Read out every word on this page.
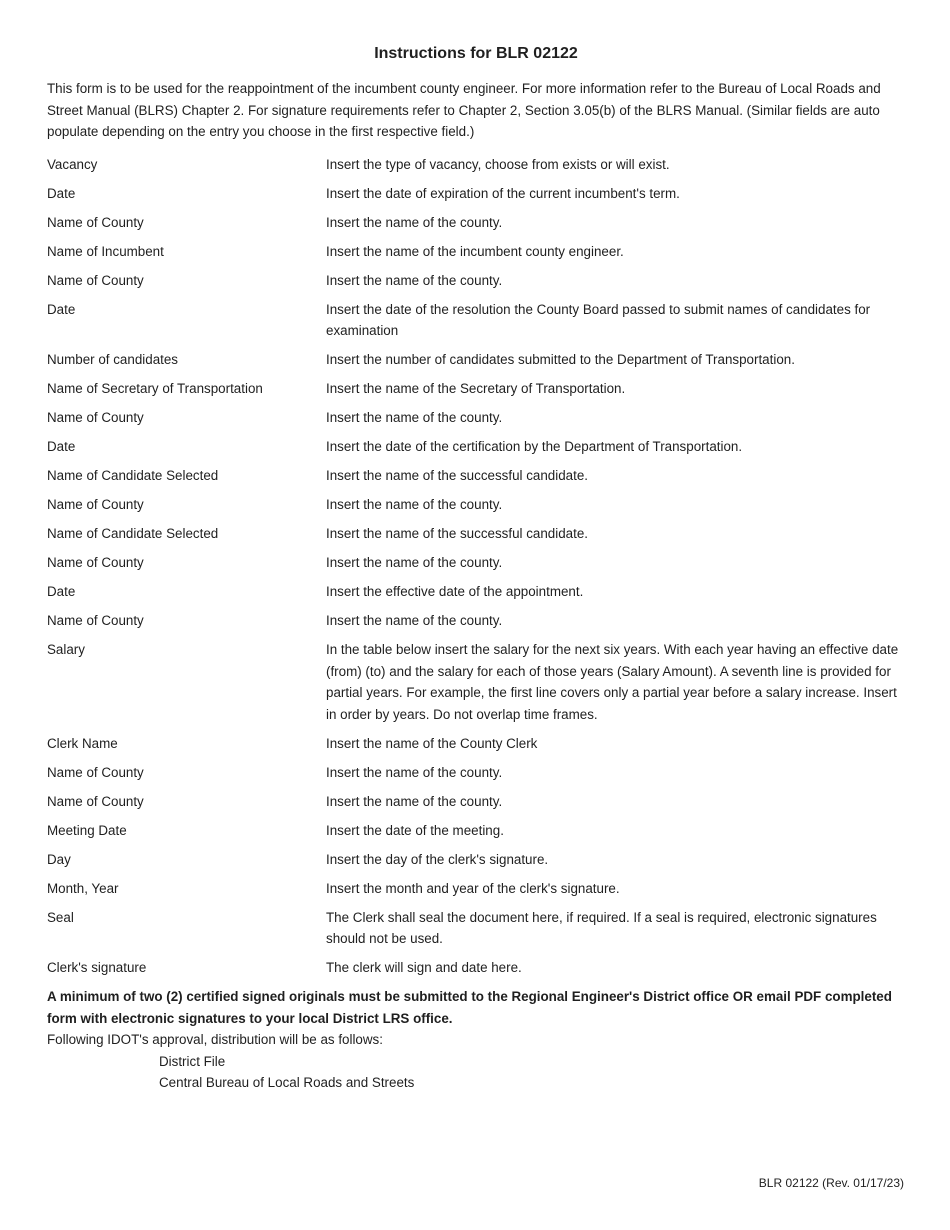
Instructions for BLR 02122
This form is to be used for the reappointment of the incumbent county engineer. For more information refer to the Bureau of Local Roads and Street Manual (BLRS) Chapter 2. For signature requirements refer to Chapter 2, Section 3.05(b) of the BLRS Manual. (Similar fields are auto populate depending on the entry you choose in the first respective field.)
Vacancy	Insert the type of vacancy, choose from exists or will exist.
Date	Insert the date of expiration of the current incumbent's term.
Name of County	Insert the name of the county.
Name of Incumbent	Insert the name of the incumbent county engineer.
Name of County	Insert the name of the county.
Date	Insert the date of the resolution the County Board passed to submit names of candidates for examination
Number of candidates	Insert the number of candidates submitted to the Department of Transportation.
Name of Secretary of Transportation	Insert the name of the Secretary of Transportation.
Name of County	Insert the name of the county.
Date	Insert the date of the certification by the Department of Transportation.
Name of Candidate Selected	Insert the name of the successful candidate.
Name of County	Insert the name of the county.
Name of Candidate Selected	Insert the name of the successful candidate.
Name of County	Insert the name of the county.
Date	Insert the effective date of the appointment.
Name of County	Insert the name of the county.
Salary	In the table below insert the salary for the next six years. With each year having an effective date (from) (to) and the salary for each of those years (Salary Amount). A seventh line is provided for partial years. For example, the first line covers only a partial year before a salary increase. Insert in order by years. Do not overlap time frames.
Clerk Name	Insert the name of the County Clerk
Name of County	Insert the name of the county.
Name of County	Insert the name of the county.
Meeting Date	Insert the date of the meeting.
Day	Insert the day of the clerk's signature.
Month, Year	Insert the month and year of the clerk's signature.
Seal	The Clerk shall seal the document here, if required. If a seal is required, electronic signatures should not be used.
Clerk's signature	The clerk will sign and date here.
A minimum of two (2) certified signed originals must be submitted to the Regional Engineer's District office OR email PDF completed form with electronic signatures to your local District LRS office.
Following IDOT's approval, distribution will be as follows:
District File
Central Bureau of Local Roads and Streets
BLR 02122 (Rev. 01/17/23)
